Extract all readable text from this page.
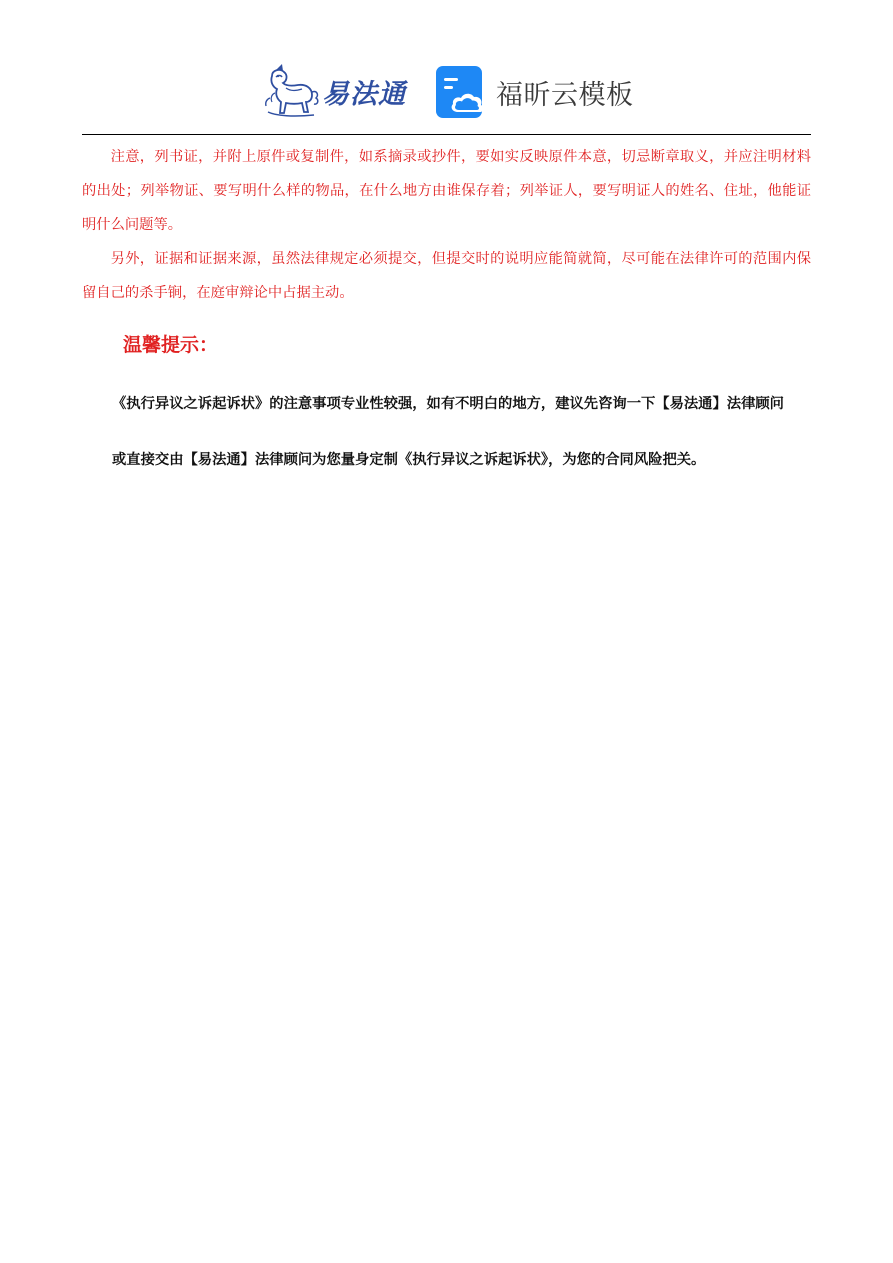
易法通	福昕云模板

注意，列书证，并附上原件或复制件，如系摘录或抄件，要如实反映原件本意，切忌断章取义，并应注明材料的出处；列举物证、要写明什么样的物品，在什么地方由谁保存着；列举证人，要写明证人的姓名、住址，他能证明什么问题等。

另外，证据和证据来源，虽然法律规定必须提交，但提交时的说明应能简就简，尽可能在法律许可的范围内保留自己的杀手锏，在庭审辩论中占据主动。

温馨提示：

《执行异议之诉起诉状》的注意事项专业性较强，如有不明白的地方，建议先咨询一下【易法通】法律顾问

或直接交由【易法通】法律顾问为您量身定制《执行异议之诉起诉状》，为您的合同风险把关。
